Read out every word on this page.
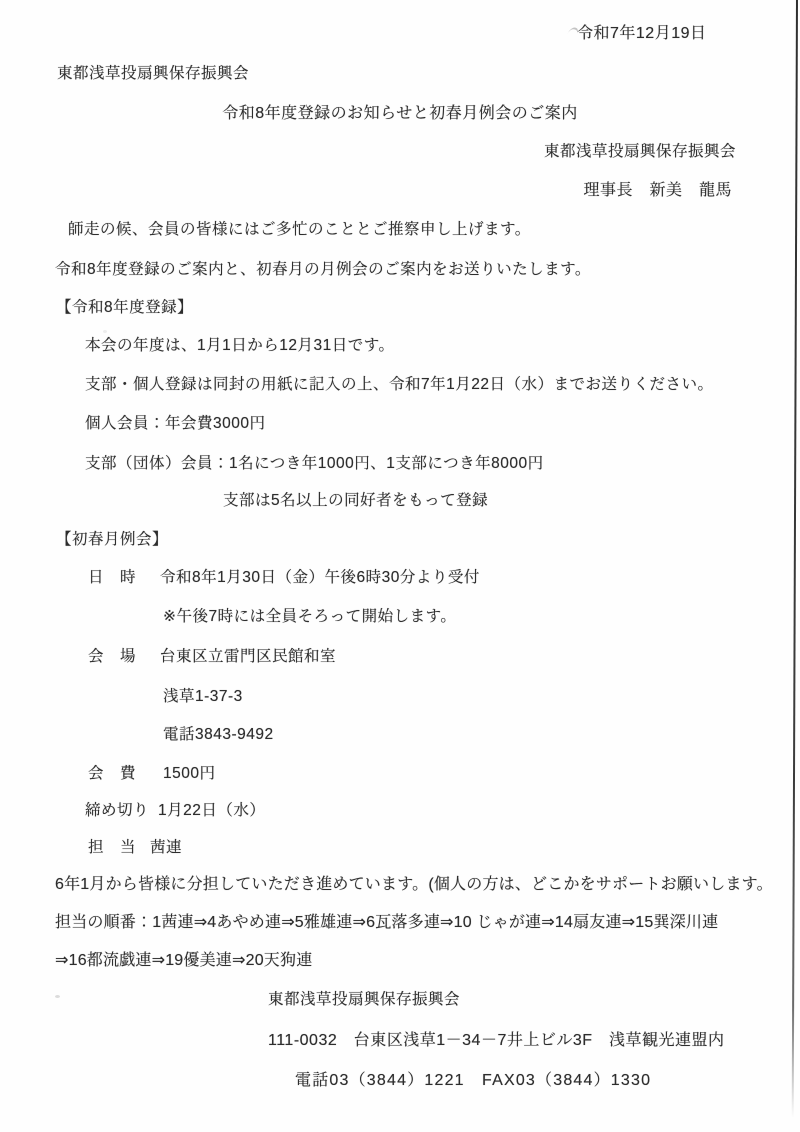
令和7年12月19日
東都浅草投扇興保存振興会
令和8年度登録のお知らせと初春月例会のご案内
東都浅草投扇興保存振興会
理事長　新美　龍馬
師走の候、会員の皆様にはご多忙のこととご推察申し上げます。
令和8年度登録のご案内と、初春月の月例会のご案内をお送りいたします。
【令和8年度登録】
本会の年度は、1月1日から12月31日です。
支部・個人登録は同封の用紙に記入の上、令和7年1月22日（水）までお送りください。
個人会員：年会費3000円
支部（団体）会員：1名につき年1000円、1支部につき年8000円
支部は5名以上の同好者をもって登録
【初春月例会】
日　時 令和8年1月30日（金）午後6時30分より受付
※午後7時には全員そろって開始します。
会　場 台東区立雷門区民館和室
浅草1-37-3
電話3843-9492
会　費 1500円
締め切り 1月22日（水）
担　当 茜連
6年1月から皆様に分担していただき進めています。(個人の方は、どこかをサポートお願いします。
担当の順番：1茜連⇒4あやめ連⇒5雅雄連⇒6瓦落多連⇒10 じゃが連⇒14扇友連⇒15巽深川連
⇒16都流戯連⇒19優美連⇒20天狗連
東都浅草投扇興保存振興会
111-0032　台東区浅草1－34－7井上ビル3F　浅草観光連盟内
電話03（3844）1221　FAX03（3844）1330
